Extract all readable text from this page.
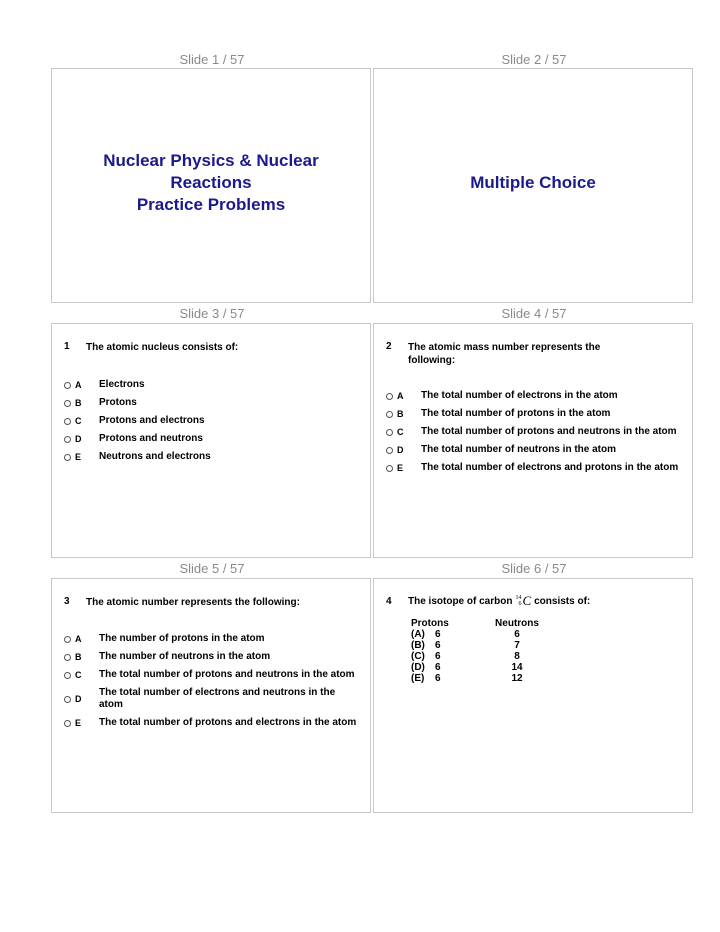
Slide 1 / 57	Slide 2 / 57
Nuclear Physics & Nuclear
Reactions
Practice Problems
Multiple Choice
Slide 3 / 57	Slide 4 / 57
1	The atomic nucleus consists of:
A	Electrons
B	Protons
C	Protons and electrons
D	Protons and neutrons
E	Neutrons and electrons
2	The atomic mass number represents the following:
A	The total number of electrons in the atom
B	The total number of protons in the atom
C	The total number of protons and neutrons in the atom
D	The total number of neutrons in the atom
E	The total number of electrons and protons in the atom
Slide 5 / 57	Slide 6 / 57
3	The atomic number represents the following:
A	The number of protons in the atom
B	The number of neutrons in the atom
C	The total number of protons and neutrons in the atom
D
The total number of electrons and neutrons in the atom
E	The total number of protons and electrons in the atom
4	The isotope of carbon 14
6 C consists of:
Protons	Neutrons
(A)	6	6
(B)	6	7
(C)	6	8
(D)	6	14
(E)	6	12
